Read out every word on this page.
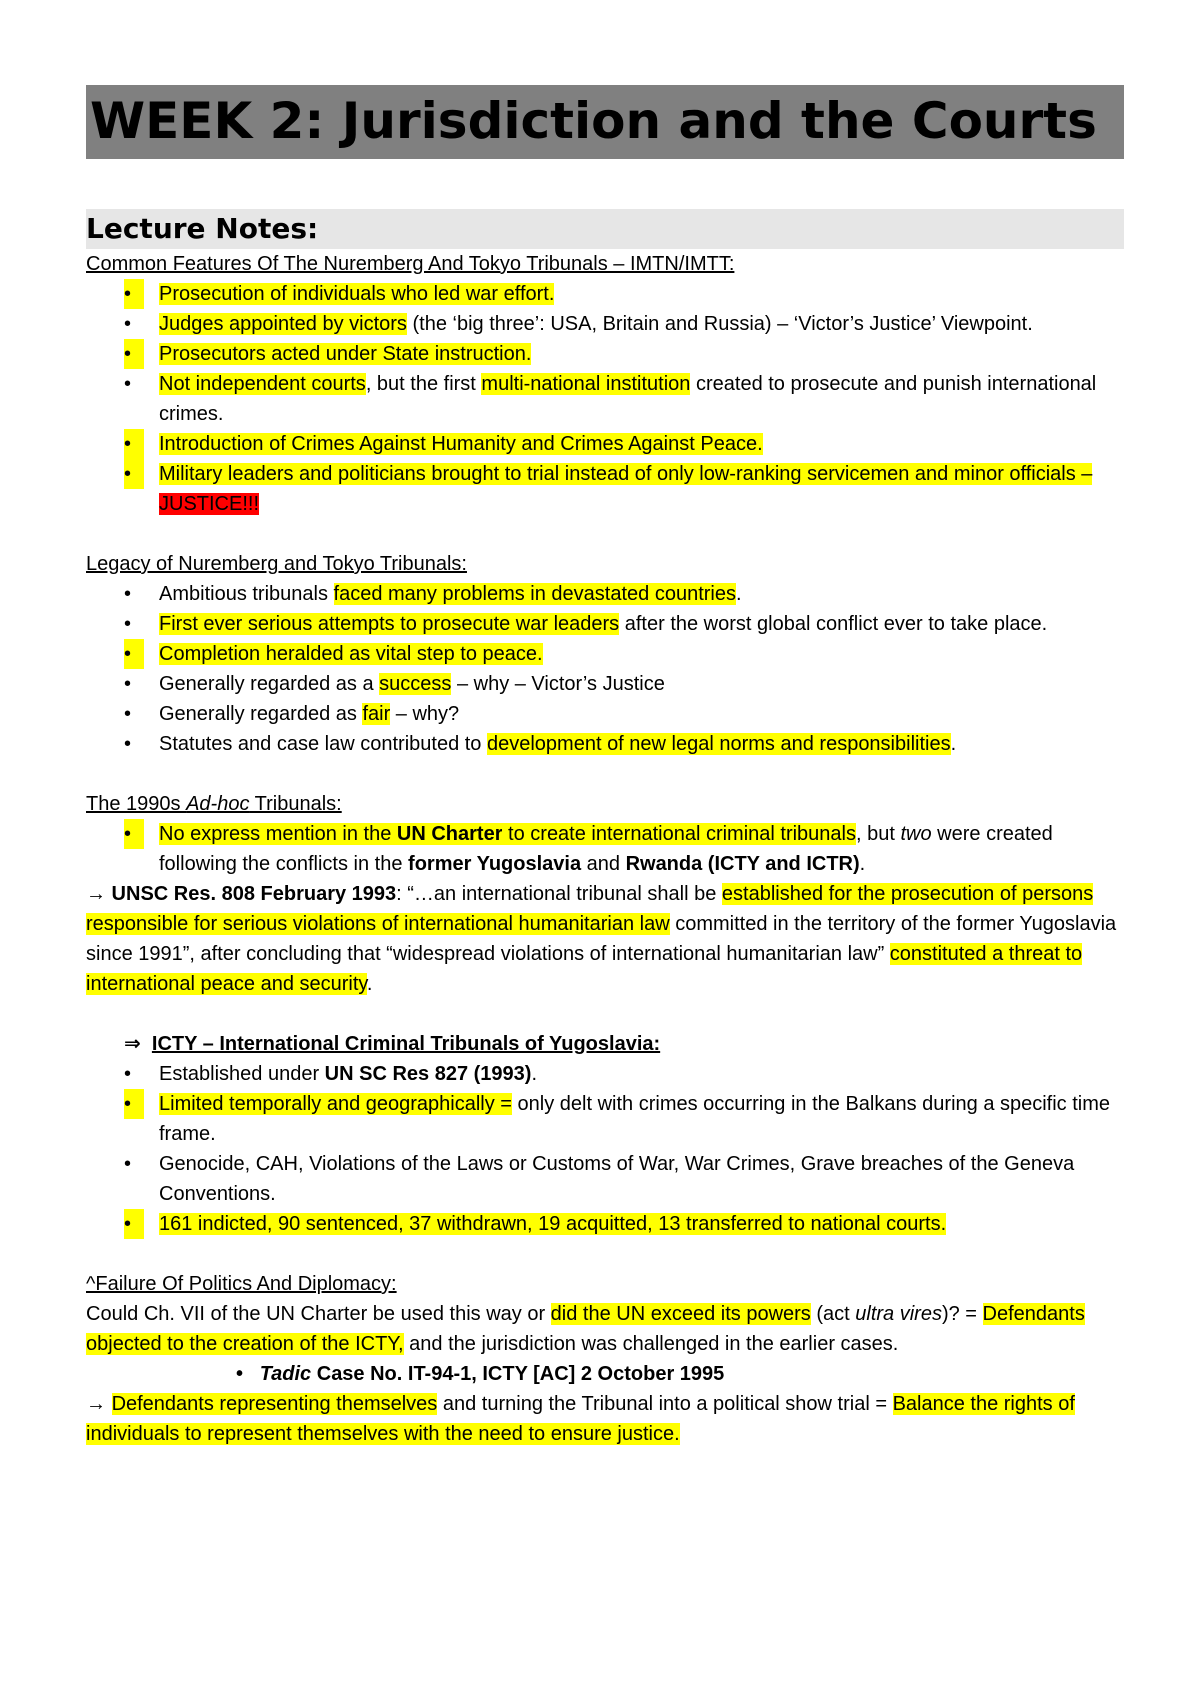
WEEK 2: Jurisdiction and the Courts
Lecture Notes:

Common Features Of The Nuremberg And Tokyo Tribunals – IMTN/IMTT:

•	Prosecution of individuals who led war effort.
•	Judges appointed by victors (the ‘big three’: USA, Britain and Russia) – ‘Victor’s Justice’ Viewpoint.
•	Prosecutors acted under State instruction.
•	Not independent courts, but the first multi-national institution created to prosecute and punish international crimes.
•	Introduction of Crimes Against Humanity and Crimes Against Peace.
•	Military leaders and politicians brought to trial instead of only low-ranking servicemen and minor officials – JUSTICE!!!

Legacy of Nuremberg and Tokyo Tribunals:

•	Ambitious tribunals faced many problems in devastated countries.
•	First ever serious attempts to prosecute war leaders after the worst global conflict ever to take place.
•	Completion heralded as vital step to peace.
•	Generally regarded as a success – why – Victor’s Justice
•	Generally regarded as fair – why?
•	Statutes and case law contributed to development of new legal norms and responsibilities.

The 1990s Ad-hoc Tribunals:

•	No express mention in the UN Charter to create international criminal tribunals, but two were created following the conflicts in the former Yugoslavia and Rwanda (ICTY and ICTR).

→ UNSC Res. 808 February 1993: “…an international tribunal shall be established for the prosecution of persons responsible for serious violations of international humanitarian law committed in the territory of the former Yugoslavia since 1991”, after concluding that “widespread violations of international humanitarian law” constituted a threat to international peace and security.

⇒ ICTY – International Criminal Tribunals of Yugoslavia:

•	Established under UN SC Res 827 (1993).
•	Limited temporally and geographically = only delt with crimes occurring in the Balkans during a specific time frame.
•	Genocide, CAH, Violations of the Laws or Customs of War, War Crimes, Grave breaches of the Geneva Conventions.
•	161 indicted, 90 sentenced, 37 withdrawn, 19 acquitted, 13 transferred to national courts.

^Failure Of Politics And Diplomacy:

Could Ch. VII of the UN Charter be used this way or did the UN exceed its powers (act ultra vires)? = Defendants objected to the creation of the ICTY, and the jurisdiction was challenged in the earlier cases.

• Tadic Case No. IT-94-1, ICTY [AC] 2 October 1995

→ Defendants representing themselves and turning the Tribunal into a political show trial = Balance the rights of individuals to represent themselves with the need to ensure justice.
